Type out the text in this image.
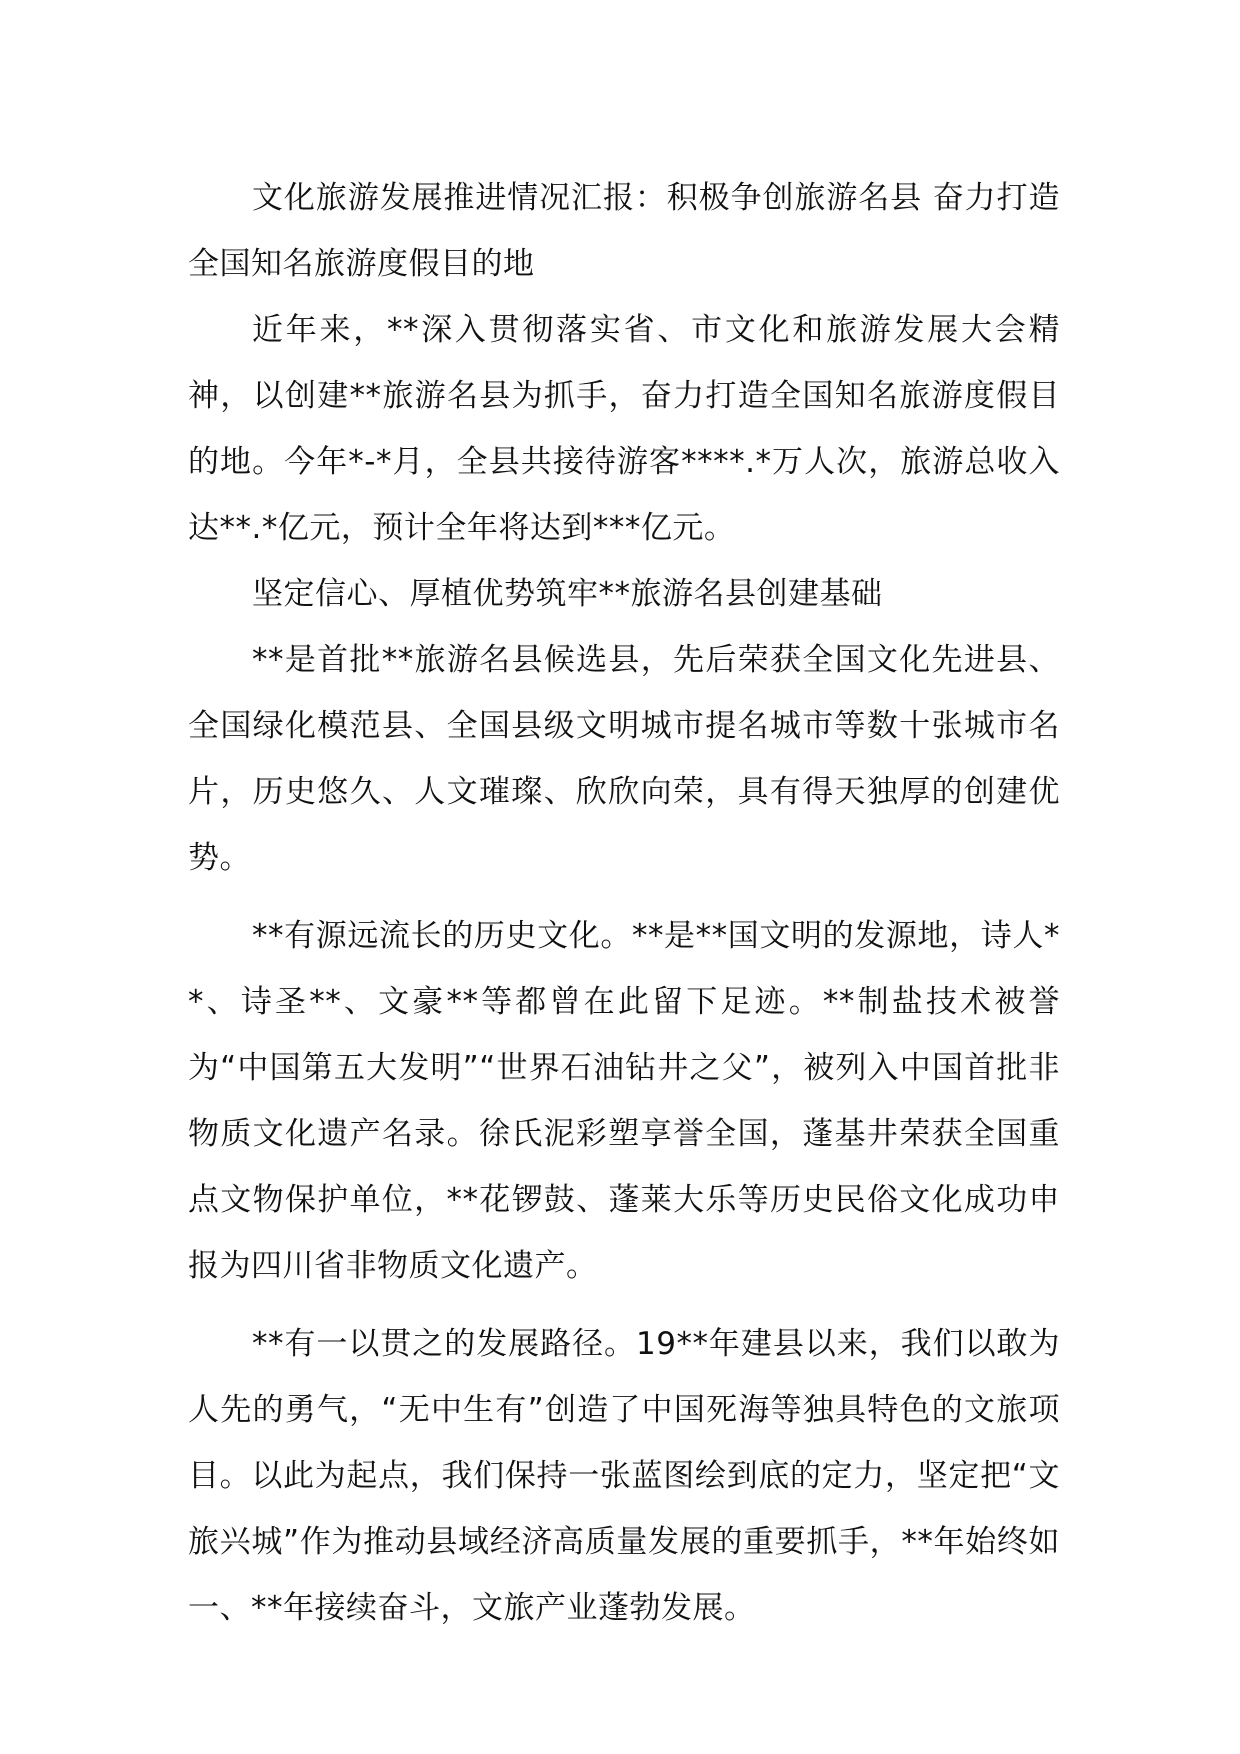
文化旅游发展推进情况汇报：积极争创旅游名县 奋力打造全国知名旅游度假目的地

近年来，**深入贯彻落实省、市文化和旅游发展大会精神，以创建**旅游名县为抓手，奋力打造全国知名旅游度假目的地。今年*-*月，全县共接待游客****.*万人次，旅游总收入达**.*亿元，预计全年将达到***亿元。

坚定信心、厚植优势筑牢**旅游名县创建基础

**是首批**旅游名县候选县，先后荣获全国文化先进县、全国绿化模范县、全国县级文明城市提名城市等数十张城市名片，历史悠久、人文璀璨、欣欣向荣，具有得天独厚的创建优势。

**有源远流长的历史文化。**是**国文明的发源地，诗人**、诗圣**、文豪**等都曾在此留下足迹。**制盐技术被誉为“中国第五大发明”“世界石油钻井之父”，被列入中国首批非物质文化遗产名录。徐氏泥彩塑享誉全国，蓬基井荣获全国重点文物保护单位，**花锣鼓、蓬莱大乐等历史民俗文化成功申报为四川省非物质文化遗产。

**有一以贯之的发展路径。19**年建县以来，我们以敢为人先的勇气，“无中生有”创造了中国死海等独具特色的文旅项目。以此为起点，我们保持一张蓝图绘到底的定力，坚定把“文旅兴城”作为推动县域经济高质量发展的重要抓手，**年始终如一、**年接续奋斗，文旅产业蓬勃发展。
